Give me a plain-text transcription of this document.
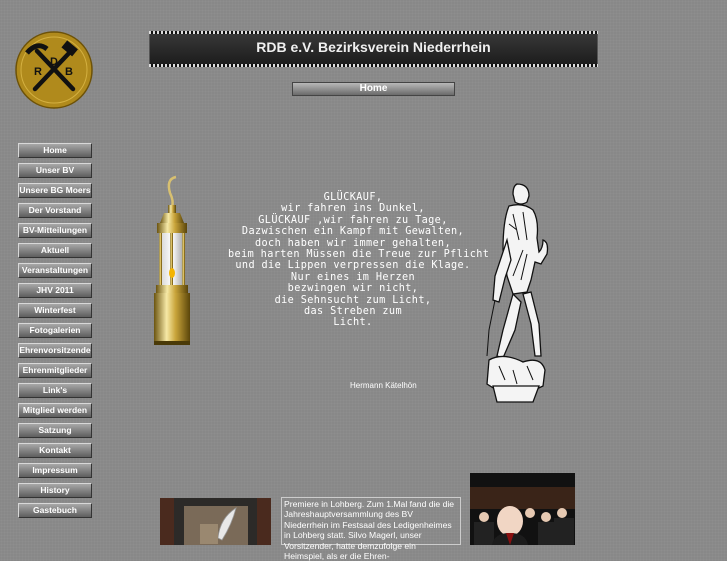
R
D
B
RDB e.V. Bezirksverein Niederrhein
Home
Home
Unser BV
Unsere BG Moers
Der Vorstand
BV-Mitteilungen
Aktuell
Veranstaltungen
JHV 2011
Winterfest
Fotogalerien
Ehrenvorsitzende
Ehrenmitglieder
Link's
Mitglied werden
Satzung
Kontakt
Impressum
History
Gastebuch
GLÜCKAUF,
wir fahren ins Dunkel,
GLÜCKAUF ,wir fahren zu Tage,
Dazwischen ein Kampf mit Gewalten,
doch haben wir immer gehalten,
beim harten Müssen die Treue zur Pflicht
und die Lippen verpressen die Klage.
Nur eines im Herzen
bezwingen wir nicht,
die Sehnsucht zum Licht,
das Streben zum
Licht.
Hermann Kätelhön
Premiere in Lohberg. Zum 1.Mal fand die die Jahreshauptversammlung des BV Niederrhein im Festsaal des Ledigenheimes in Lohberg statt. Silvo Magerl, unser Vorsitzender, hatte demzufolge ein Heimspiel, als er die Ehren-
